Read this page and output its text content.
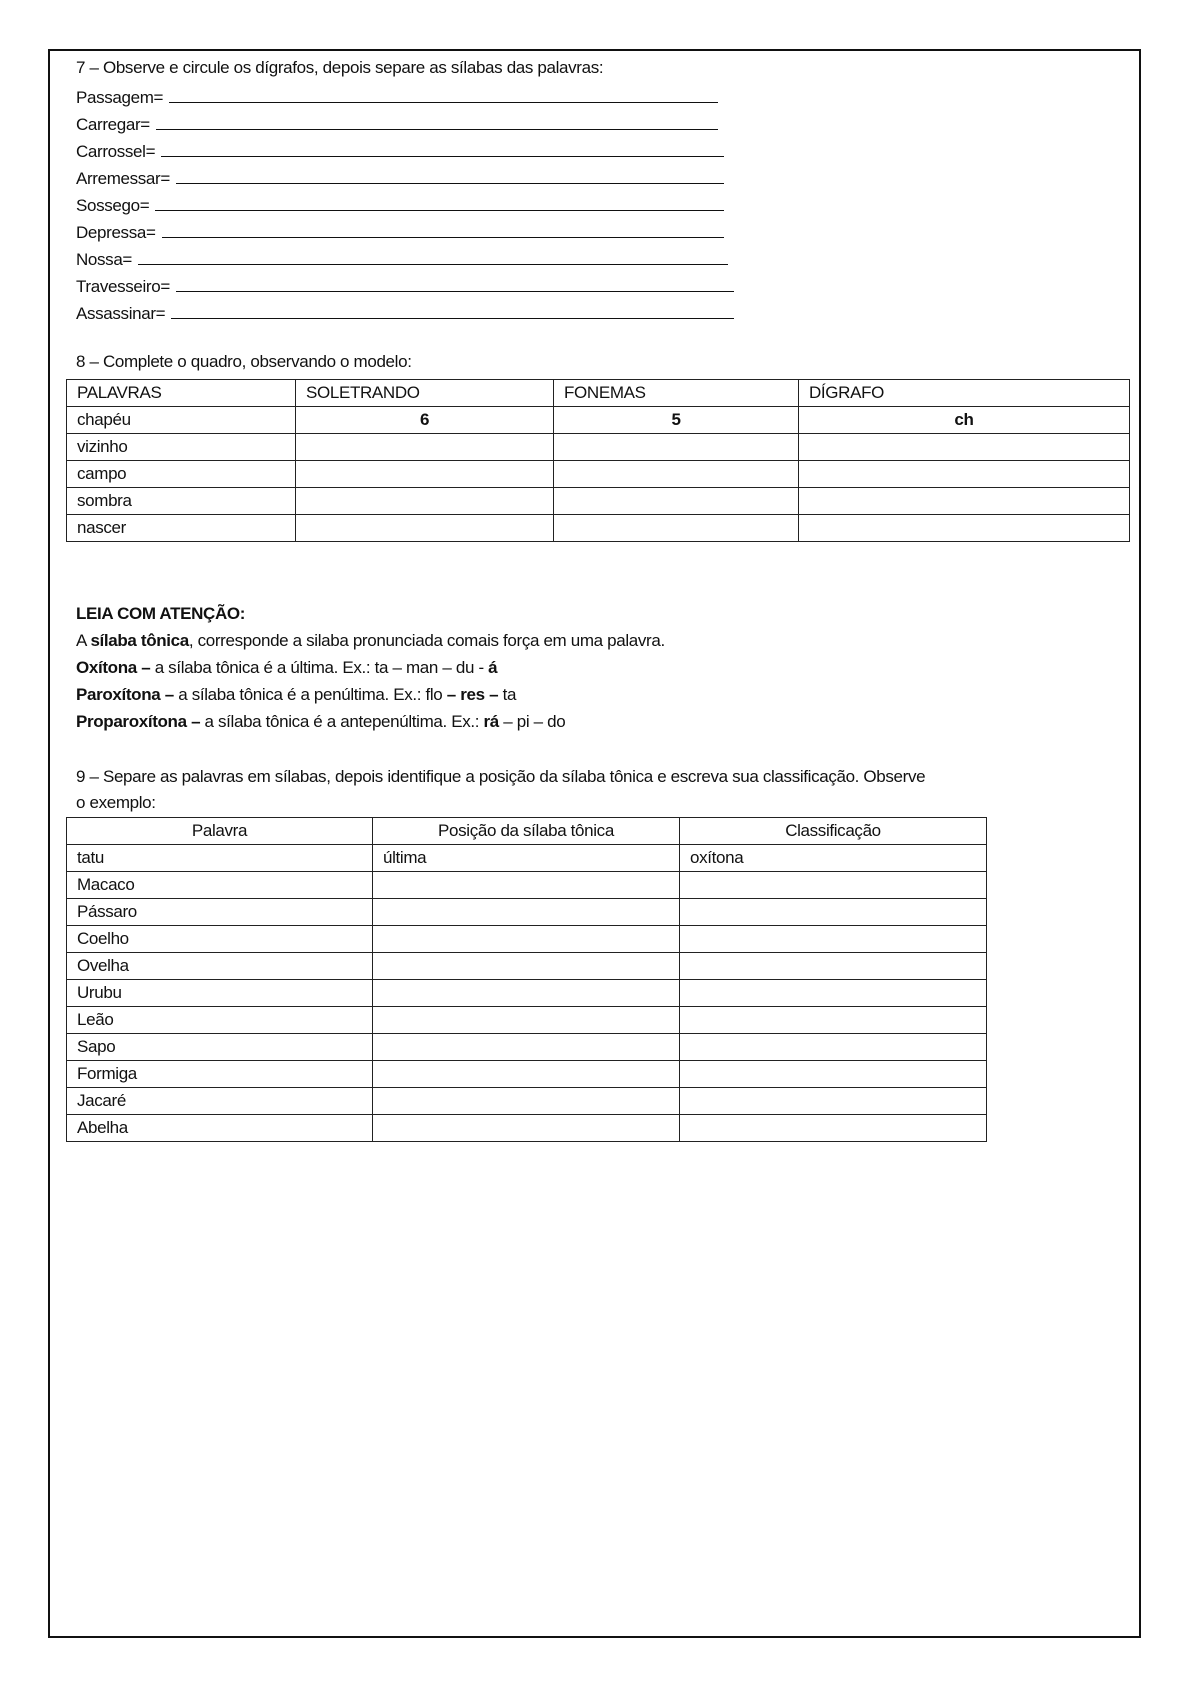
7 – Observe e circule os dígrafos, depois separe as sílabas das palavras:
Passagem=
Carregar=
Carrossel=
Arremessar=
Sossego=
Depressa=
Nossa=
Travesseiro=
Assassinar=
8 – Complete o quadro, observando o modelo:
PALAVRAS	SOLETRANDO	FONEMAS	DÍGRAFO
chapéu	6	5	ch
vizinho			
campo			
sombra			
nascer			
LEIA COM ATENÇÃO:
A sílaba tônica, corresponde a silaba pronunciada comais força em uma palavra.
Oxítona – a sílaba tônica é a última. Ex.: ta – man – du - á
Paroxítona – a sílaba tônica é a penúltima. Ex.: flo – res – ta
Proparoxítona – a sílaba tônica é a antepenúltima. Ex.: rá – pi – do
9 – Separe as palavras em sílabas, depois identifique a posição da sílaba tônica e escreva sua classificação. Observe
o exemplo:
Palavra	Posição da sílaba tônica	Classificação
tatu	última	oxítona
Macaco		
Pássaro		
Coelho		
Ovelha		
Urubu		
Leão		
Sapo		
Formiga		
Jacaré		
Abelha		
